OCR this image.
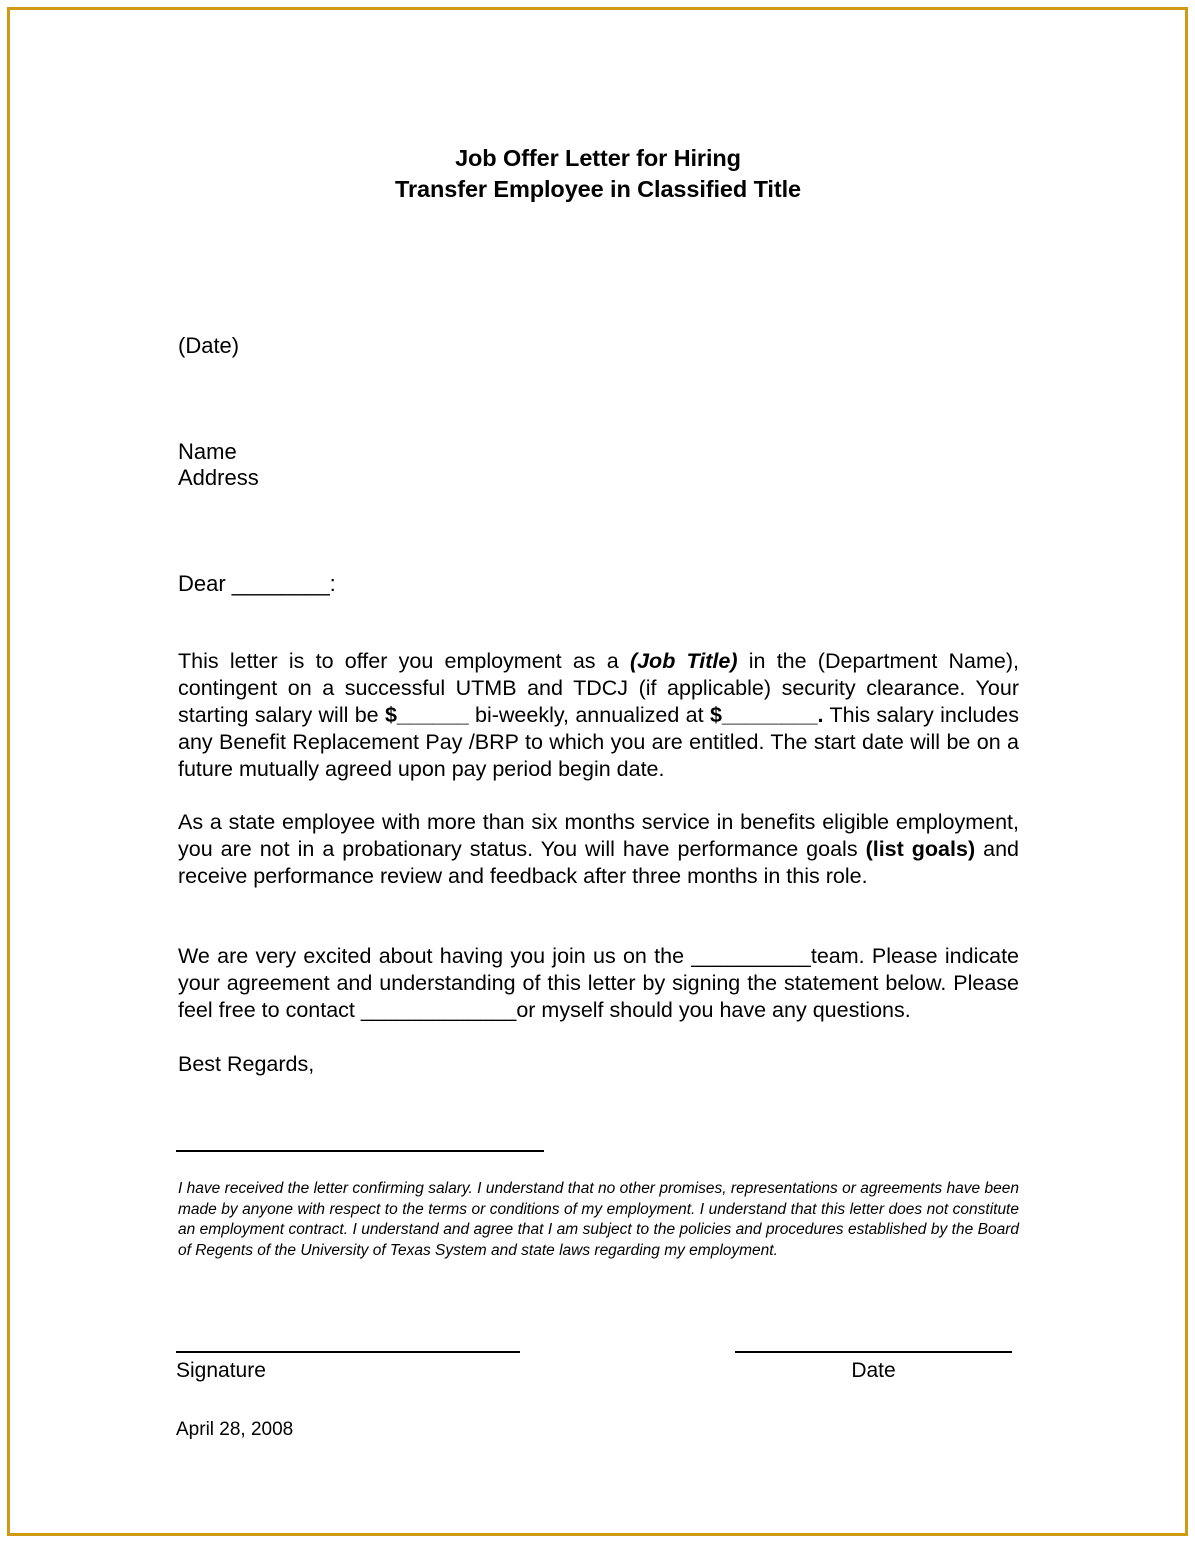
Job Offer Letter for Hiring
Transfer Employee in Classified Title
(Date)
Name
Address
Dear ________:

This letter is to offer you employment as a (Job Title) in the (Department Name), contingent on a successful UTMB and TDCJ (if applicable) security clearance. Your starting salary will be $______ bi-weekly, annualized at $________. This salary includes any Benefit Replacement Pay /BRP to which you are entitled. The start date will be on a future mutually agreed upon pay period begin date.

As a state employee with more than six months service in benefits eligible employment, you are not in a probationary status. You will have performance goals (list goals) and receive performance review and feedback after three months in this role.

We are very excited about having you join us on the __________team. Please indicate your agreement and understanding of this letter by signing the statement below. Please feel free to contact _____________or myself should you have any questions.

Best Regards,
I have received the letter confirming salary. I understand that no other promises, representations or agreements have been made by anyone with respect to the terms or conditions of my employment. I understand that this letter does not constitute an employment contract. I understand and agree that I am subject to the policies and procedures established by the Board of Regents of the University of Texas System and state laws regarding my employment.
Signature	Date
April 28, 2008
